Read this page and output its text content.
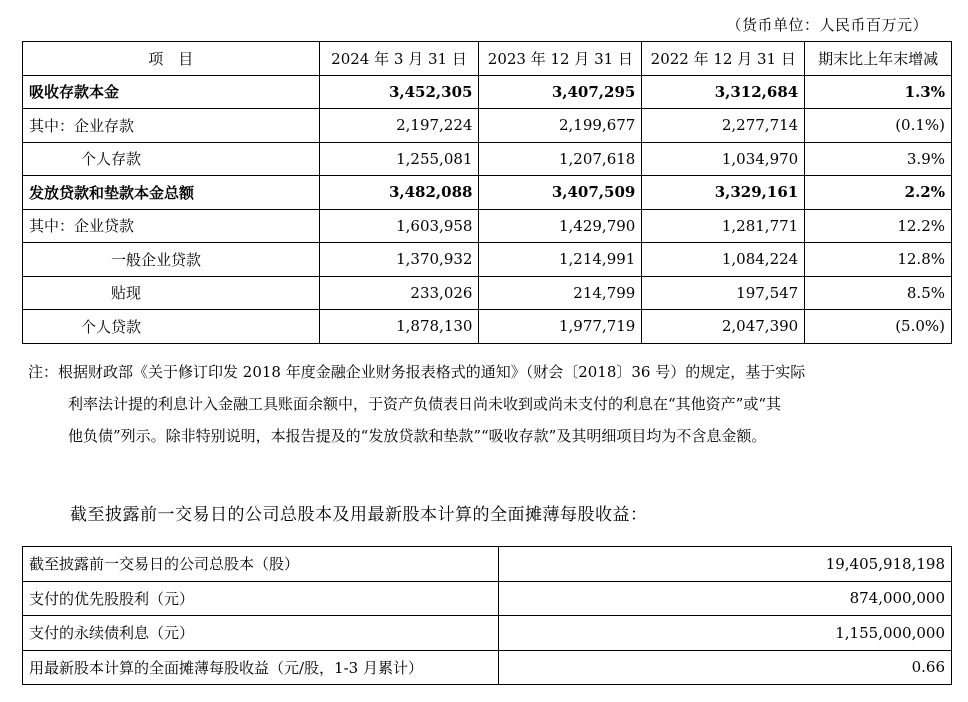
（货币单位：人民币百万元）
项　目	2024 年 3 月 31 日	2023 年 12 月 31 日	2022 年 12 月 31 日	期末比上年末增减
吸收存款本金	3,452,305	3,407,295	3,312,684	1.3%
其中：企业存款	2,197,224	2,199,677	2,277,714	(0.1%)
个人存款	1,255,081	1,207,618	1,034,970	3.9%
发放贷款和垫款本金总额	3,482,088	3,407,509	3,329,161	2.2%
其中：企业贷款	1,603,958	1,429,790	1,281,771	12.2%
一般企业贷款	1,370,932	1,214,991	1,084,224	12.8%
贴现	233,026	214,799	197,547	8.5%
个人贷款	1,878,130	1,977,719	2,047,390	(5.0%)
注：根据财政部《关于修订印发 2018 年度金融企业财务报表格式的通知》（财会〔2018〕36 号）的规定，基于实际
利率法计提的利息计入金融工具账面余额中，于资产负债表日尚未收到或尚未支付的利息在“其他资产”或“其
他负债”列示。除非特别说明，本报告提及的“发放贷款和垫款”“吸收存款”及其明细项目均为不含息金额。
截至披露前一交易日的公司总股本及用最新股本计算的全面摊薄每股收益：
截至披露前一交易日的公司总股本（股）	19,405,918,198
支付的优先股股利（元）	874,000,000
支付的永续债利息（元）	1,155,000,000
用最新股本计算的全面摊薄每股收益（元/股，1-3 月累计）	0.66
